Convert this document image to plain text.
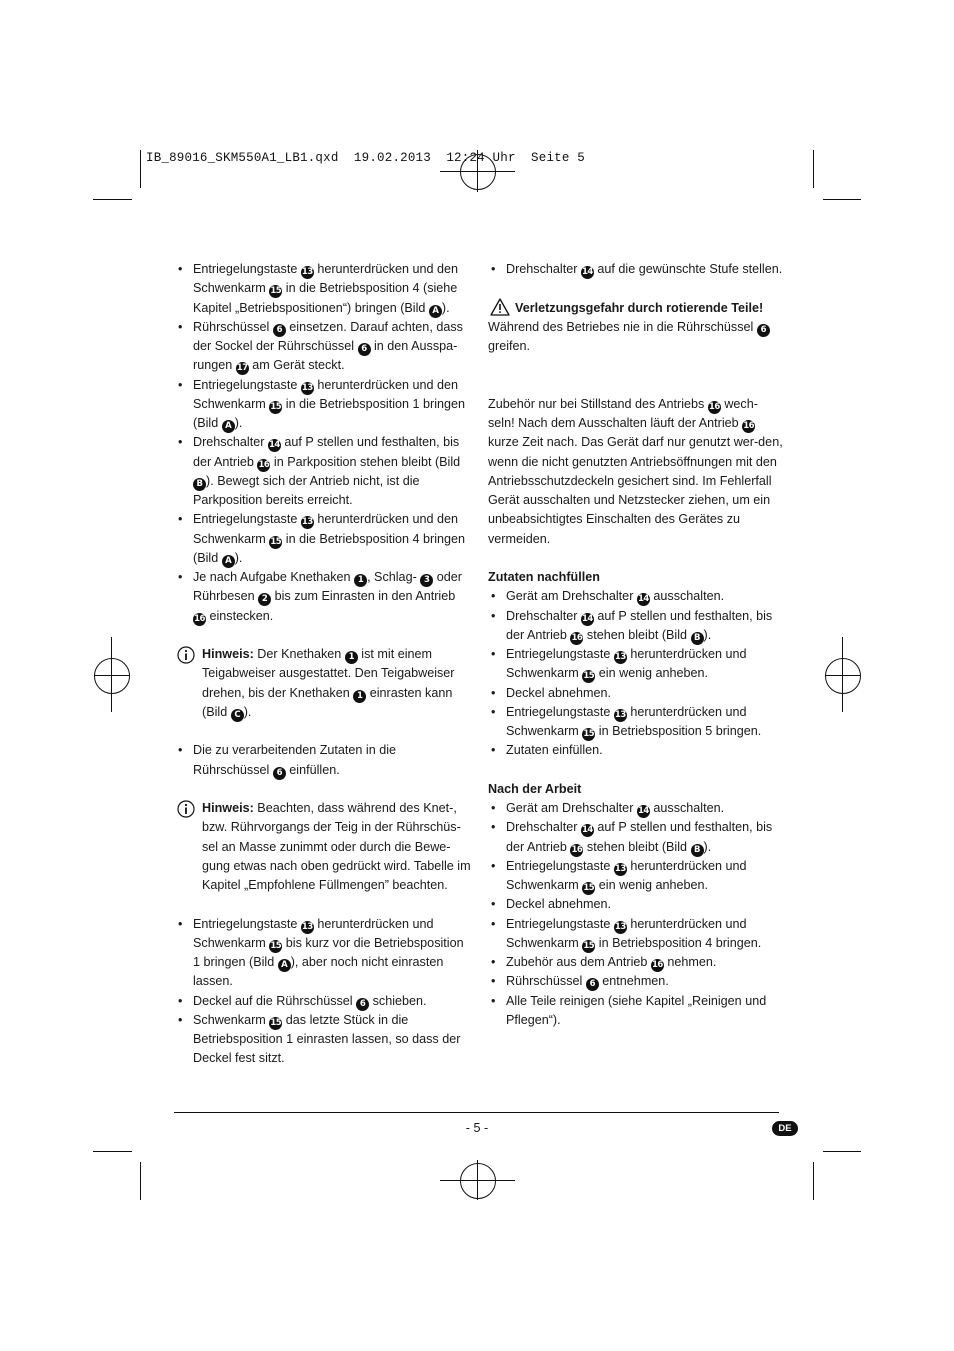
IB_89016_SKM550A1_LB1.qxd  19.02.2013  12:24 Uhr  Seite 5
• Entriegelungstaste 13 herunterdrücken und den Schwenkarm 15 in die Betriebsposition 4 (siehe Kapitel „Betriebspositionen“) bringen (Bild A ).
• Rührschüssel 6 einsetzen. Darauf achten, dass der Sockel der Rührschüssel 6 in den Ausspa-rungen 17 am Gerät steckt.
• Entriegelungstaste 13 herunterdrücken und den Schwenkarm 15 in die Betriebsposition 1 bringen (Bild A ).
• Drehschalter 14 auf P stellen und festhalten, bis der Antrieb 16 in Parkposition stehen bleibt (Bild B ). Bewegt sich der Antrieb nicht, ist die Parkposition bereits erreicht.
• Entriegelungstaste 13 herunterdrücken und den Schwenkarm 15 in die Betriebsposition 4 bringen (Bild A ).
• Je nach Aufgabe Knethaken 1 , Schlag- 3 oder Rührbesen 2 bis zum Einrasten in den Antrieb 16 einstecken.
Hinweis: Der Knethaken 1 ist mit einem Teigabweiser ausgestattet. Den Teigabweiser drehen, bis der Knethaken 1 einrasten kann (Bild C ).
• Die zu verarbeitenden Zutaten in die Rührschüssel 6 einfüllen.
Hinweis: Beachten, dass während des Knet-, bzw. Rührvorgangs der Teig in der Rührschüs-sel an Masse zunimmt oder durch die Bewe-gung etwas nach oben gedrückt wird. Tabelle im Kapitel „Empfohlene Füllmengen” beachten.
• Entriegelungstaste 13 herunterdrücken und Schwenkarm 15 bis kurz vor die Betriebsposition 1 bringen (Bild A ), aber noch nicht einrasten lassen.
• Deckel auf die Rührschüssel 6 schieben.
• Schwenkarm 15 das letzte Stück in die Betriebsposition 1 einrasten lassen, so dass der Deckel fest sitzt.
• Drehschalter 14 auf die gewünschte Stufe stellen.
Verletzungsgefahr durch rotierende Teile!
Während des Betriebes nie in die Rührschüssel 6 greifen.
Zubehör nur bei Stillstand des Antriebs 16 wech-seln! Nach dem Ausschalten läuft der Antrieb 16 kurze Zeit nach. Das Gerät darf nur genutzt wer-den, wenn die nicht genutzten Antriebsöffnungen mit den Antriebsschutzdeckeln gesichert sind. Im Fehlerfall Gerät ausschalten und Netzstecker ziehen, um ein unbeabsichtigtes Einschalten des Gerätes zu vermeiden.
Zutaten nachfüllen
• Gerät am Drehschalter 14 ausschalten.
• Drehschalter 14 auf P stellen und festhalten, bis der Antrieb 16 stehen bleibt (Bild B ).
• Entriegelungstaste 13 herunterdrücken und Schwenkarm 15 ein wenig anheben.
• Deckel abnehmen.
• Entriegelungstaste 13 herunterdrücken und Schwenkarm 15 in Betriebsposition 5 bringen.
• Zutaten einfüllen.
Nach der Arbeit
• Gerät am Drehschalter 14 ausschalten.
• Drehschalter 14 auf P stellen und festhalten, bis der Antrieb 16 stehen bleibt (Bild B ).
• Entriegelungstaste 13 herunterdrücken und Schwenkarm 15 ein wenig anheben.
• Deckel abnehmen.
• Entriegelungstaste 13 herunterdrücken und Schwenkarm 15 in Betriebsposition 4 bringen.
• Zubehör aus dem Antrieb 16 nehmen.
• Rührschüssel 6 entnehmen.
• Alle Teile reinigen (siehe Kapitel „Reinigen und Pflegen“).
- 5 -	DE
